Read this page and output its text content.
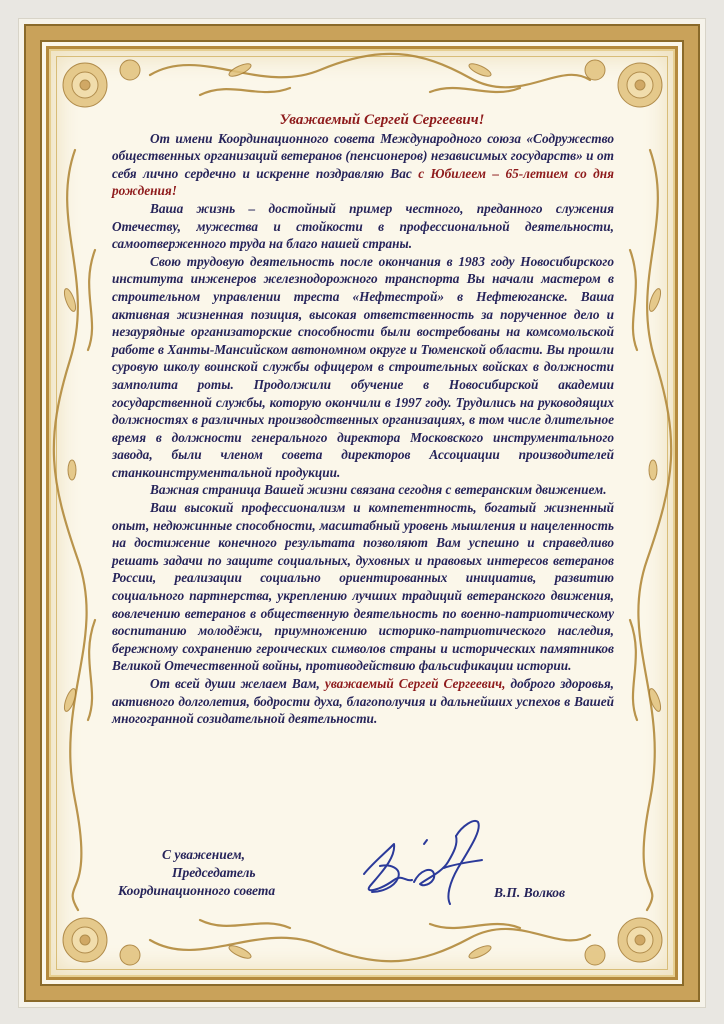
Уважаемый Сергей Сергеевич!

От имени Координационного совета Международного союза «Содружество общественных организаций ветеранов (пенсионеров) независимых государств» и от себя лично сердечно и искренне поздравляю Вас с Юбилеем – 65-летием со дня рождения!

Ваша жизнь – достойный пример честного, преданного служения Отечеству, мужества и стойкости в профессиональной деятельности, самоотверженного труда на благо нашей страны.

Свою трудовую деятельность после окончания в 1983 году Новосибирского института инженеров железнодорожного транспорта Вы начали мастером в строительном управлении треста «Нефтестрой» в Нефтеюганске. Ваша активная жизненная позиция, высокая ответственность за порученное дело и незаурядные организаторские способности были востребованы на комсомольской работе в Ханты-Мансийском автономном округе и Тюменской области. Вы прошли суровую школу воинской службы офицером в строительных войсках в должности замполита роты. Продолжили обучение в Новосибирской академии государственной службы, которую окончили в 1997 году. Трудились на руководящих должностях в различных производственных организациях, в том числе длительное время в должности генерального директора Московского инструментального завода, были членом совета директоров Ассоциации производителей станкоинструментальной продукции.

Важная страница Вашей жизни связана сегодня с ветеранским движением.

Ваш высокий профессионализм и компетентность, богатый жизненный опыт, недюжинные способности, масштабный уровень мышления и нацеленность на достижение конечного результата позволяют Вам успешно и справедливо решать задачи по защите социальных, духовных и правовых интересов ветеранов России, реализации социально ориентированных инициатив, развитию социального партнерства, укреплению лучших традиций ветеранского движения, вовлечению ветеранов в общественную деятельность по военно-патриотическому воспитанию молодёжи, приумножению историко-патриотического наследия, бережному сохранению героических символов страны и исторических памятников Великой Отечественной войны, противодействию фальсификации истории.

От всей души желаем Вам, уважаемый Сергей Сергеевич, доброго здоровья, активного долголетия, бодрости духа, благополучия и дальнейших успехов в Вашей многогранной созидательной деятельности.

С уважением,
Председатель
Координационного совета	В.П. Волков
